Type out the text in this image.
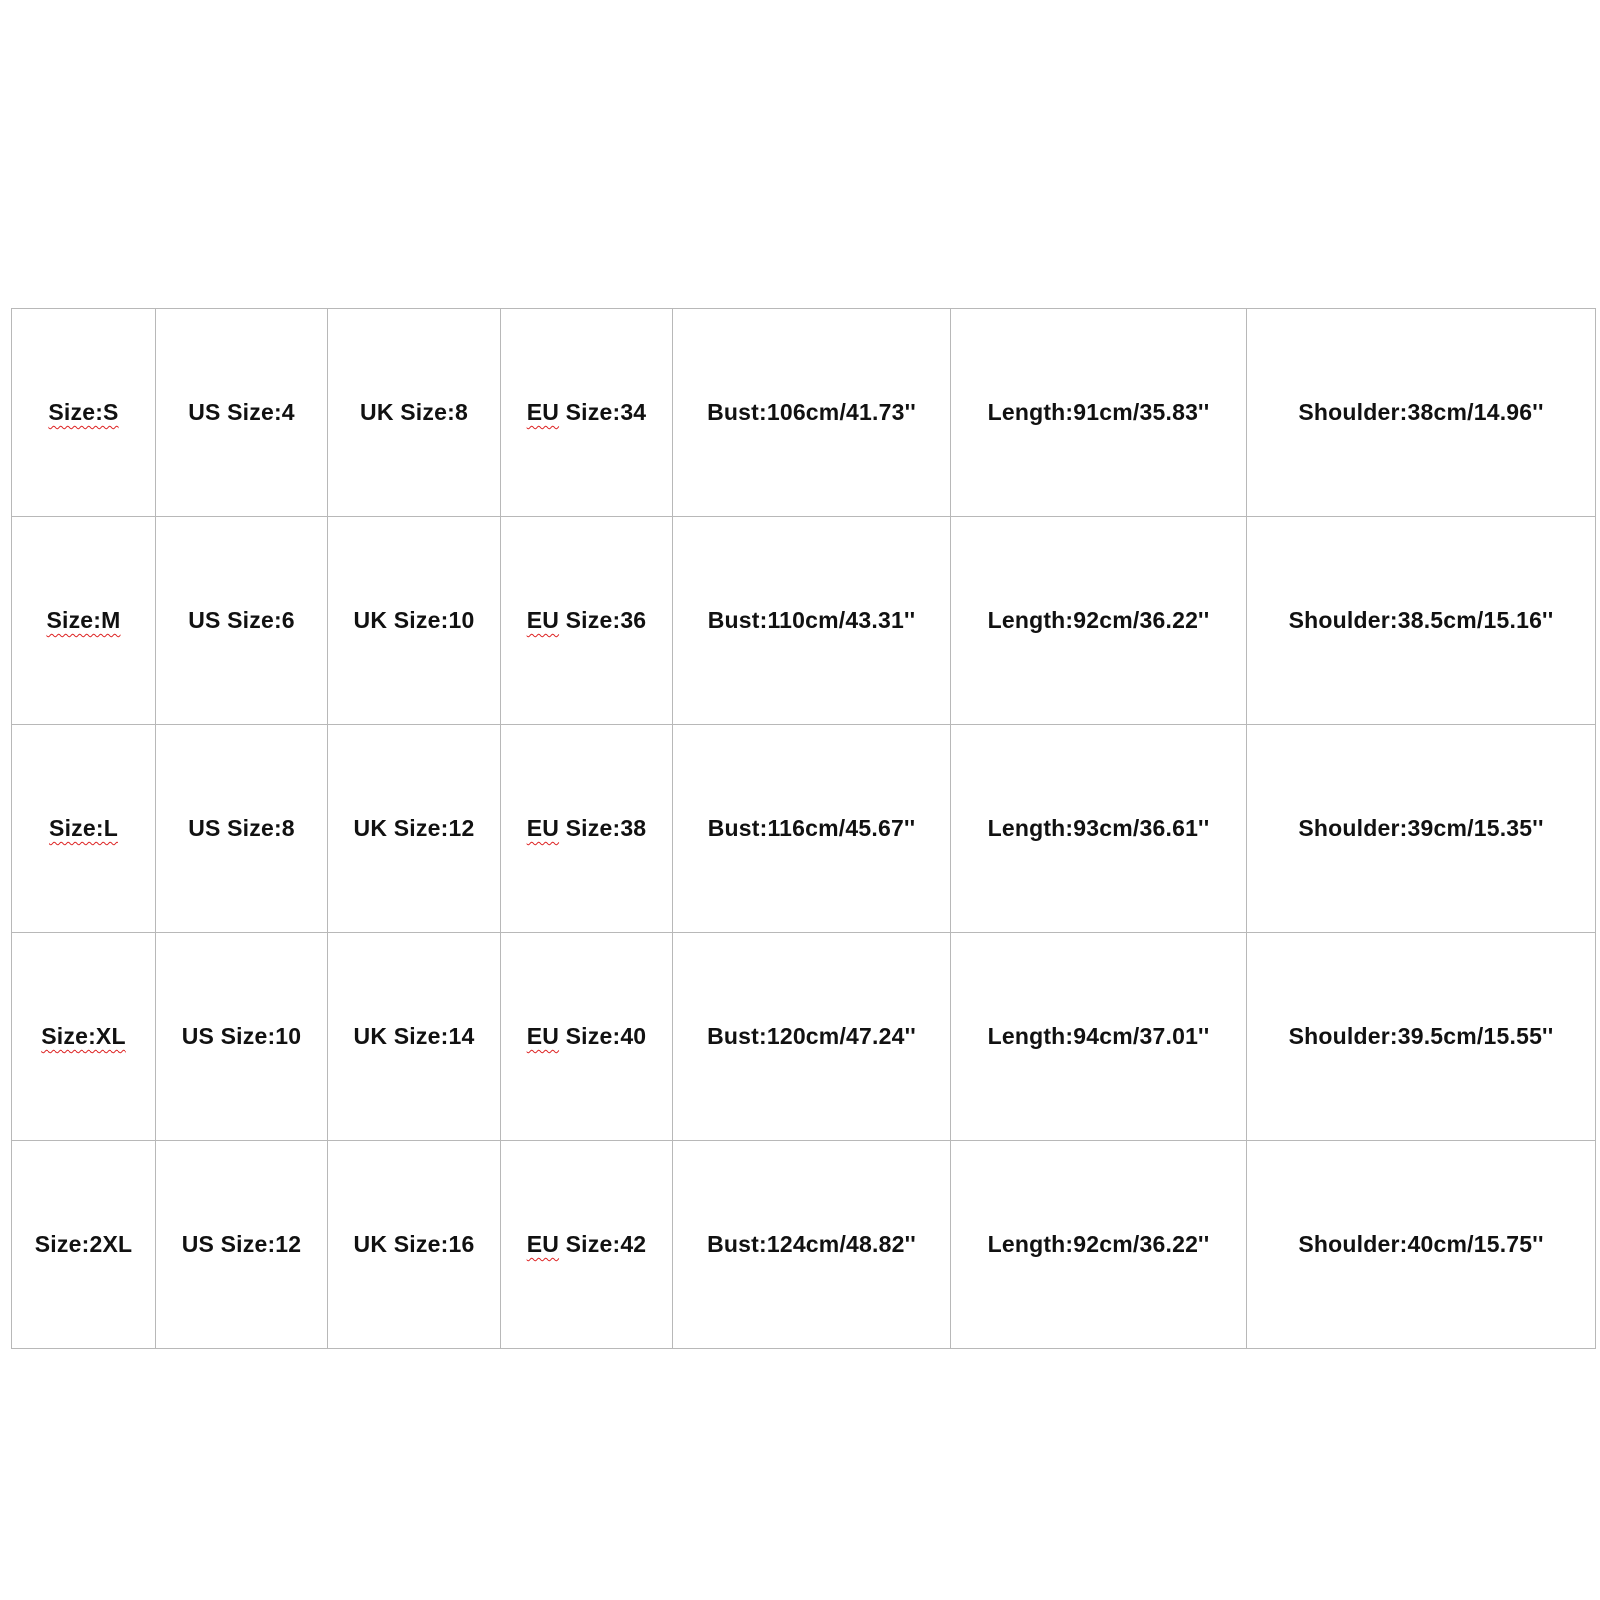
Size:S	US Size:4	UK Size:8	EU Size:34	Bust:106cm/41.73''	Length:91cm/35.83''	Shoulder:38cm/14.96''
Size:M	US Size:6	UK Size:10	EU Size:36	Bust:110cm/43.31''	Length:92cm/36.22''	Shoulder:38.5cm/15.16''
Size:L	US Size:8	UK Size:12	EU Size:38	Bust:116cm/45.67''	Length:93cm/36.61''	Shoulder:39cm/15.35''
Size:XL	US Size:10	UK Size:14	EU Size:40	Bust:120cm/47.24''	Length:94cm/37.01''	Shoulder:39.5cm/15.55''
Size:2XL	US Size:12	UK Size:16	EU Size:42	Bust:124cm/48.82''	Length:92cm/36.22''	Shoulder:40cm/15.75''
